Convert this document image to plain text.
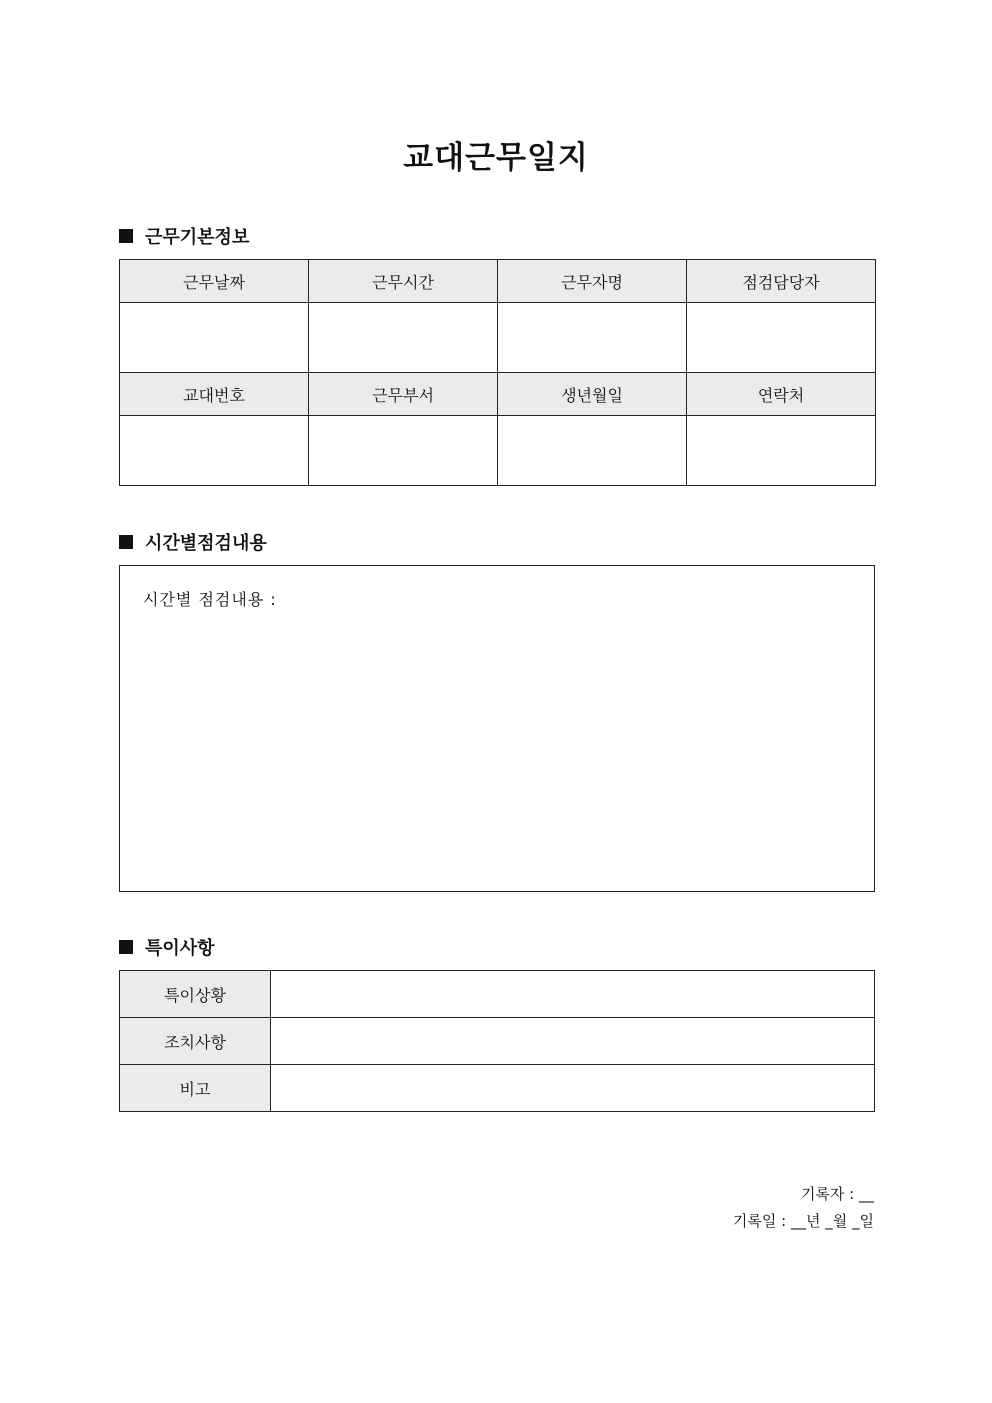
교대근무일지
근무기본정보
근무날짜	근무시간	근무자명	점검담당자

교대번호	근무부서	생년월일	연락처

시간별점검내용
시간별 점검내용 :
특이사항
특이상황	
조치사항	
비고	
기록자 : __
기록일 : __년 _월 _일
